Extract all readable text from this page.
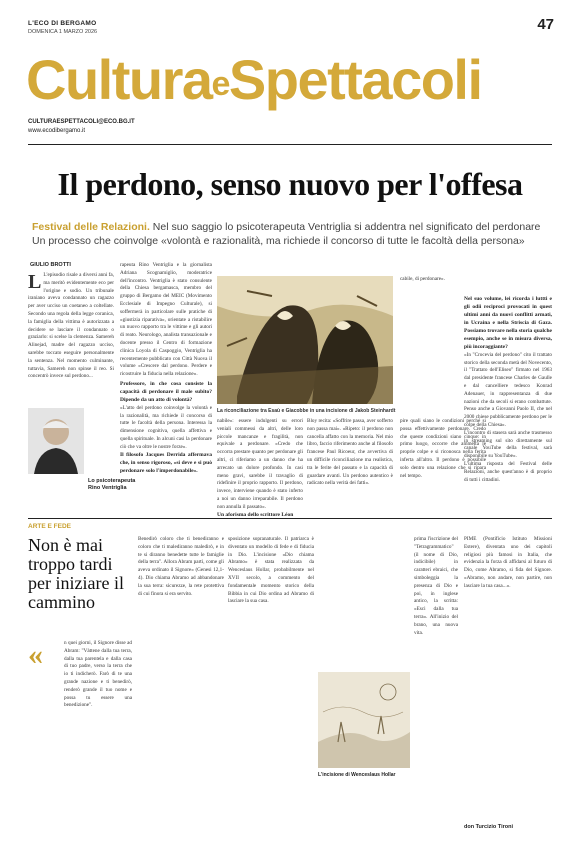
L'ECO DI BERGAMO
DOMENICA 1 MARZO 2026	47
CulturaeSpettacoli
CULTURAESPETTACOLI@ECO.BG.IT
www.ecodibergamo.it
Il perdono, senso nuovo per l'offesa
Festival delle Relazioni. Nel suo saggio lo psicoterapeuta Ventriglia si addentra nel significato del perdonare
Un processo che coinvolge «volontà e razionalità, ma richiede il concorso di tutte le facoltà della persona»
GIULIO BROTTI
L L'episodio risale a diversi anni fa, ma meritò evidentemente eco per l'origine e sodio. Un tribunale iraniano aveva condannato un ragazzo per aver ucciso un coetaneo a coltellate. Secondo una regola della legge coranica, la famiglia della vittima è autorizzata a decidere se lasciare il condannato o graziarlo: si scelse la clemenza. Samereh Alinejad, madre del ragazzo ucciso, sarebbe toccato eseguire personalmente la sentenza. Nel momento culminante, tuttavia, Samereh non spinse il reo. Si concentrò invece sul perdono...
Lo psicoterapeuta Rino Ventriglia

rapeuta Rino Ventriglia e la giornalista Adriana Scognamiglio, moderatrice dell'incontro. Ventriglia è stato consulente della Chiesa bergamasca, membro del gruppo di Bergamo del MEIC (Movimento Ecclesiale di Impegno Culturale), si soffermerà in particolare sulle pratiche di «giustizia riparativa», orientate a ristabilire un nuovo rapporto tra le vittime e gli autori di reato. Neurologo, analista transazionale e docente presso il Centro di formazione clinica Loyola di Caspoggio, Ventriglia ha recentemente pubblicato con Città Nuova il volume «Crescere dal perdono. Perdere e ricostruire la fiducia nella relazione».

Professore, in che cosa consiste la capacità di perdonare il male subito? Dipende da un atto di volontà?

«L'atto del perdono coinvolge la volontà e la razionalità, ma richiede il concorso di tutte le facoltà della persona. Interessa la dimensione cognitiva, quella affettiva e quella spirituale. In alcuni casi la perdonare ciò che va oltre le nostre forze».

Il filosofo Jacques Derrida affermava che, in senso rigoroso, «si deve e si può perdonare solo l'imperdonabile».

La riconciliazione tra Esaù e Giacobbe in una incisione di Jakob Steinhardt

nabile»: essere indulgenti su errori veniali commessi da altri, delle loro piccole mancanze e fragilità, non equivale a perdonare. «Credo che occorra prestare quanto per perdonare gli altri, ci riferiamo a un danno che ha arrecato un dolore profondo. In casi meno gravi, sarebbe il travaglio di ridefinire il proprio rapporto. Il perdono, invece, interviene quando è stato inferto a noi un danno irreparabile. Il perdono non annulla il passato».

Un aforisma dello scrittore Léon

Bloy recita: «Soffrire passa, aver sofferto non passa mai». «Ripeto: il perdono non cancella affatto con la memoria. Nel mio libro, faccio riferimento anche al filosofo francese Paul Ricoeur, che avvertiva di un difficile riconciliazione ma realistica, tra le ferite del passato e la capacità di guardare avanti. Un perdono autentico è radicato nella verità dei fatti».

pire quali siano le condizioni perché si possa effettivamente perdonare. Credo che queste condizioni siano cinque: in primo luogo, occorre che ammetta le proprie colpe e si riconosca nella ferita inferta all'altro. Il perdono è possibile solo dentro una relazione che si ripara nel tempo.

cabile, di perdonare».

Nel suo volume, lei ricorda i luttti e gli odii reciproci provocati in quest ultimi anni da nuovi conflitti armati, in Ucraina e nella Striscia di Gaza. Possiamo trovare nella storia qualche esempio, anche se in misura diversa, più incoraggiante?

«In "Crocevia del perdono" cito il trattato storico della seconda metà del Novecento, il "Trattato dell'Eliseo" firmato nel 1963 dal presidente francese Charles de Gaulle e dal cancelliere tedesco Konrad Adenauer, in rappresentanza di due nazioni che da secoli si erano combattute. Penso anche a Giovanni Paolo II, che nel 2000 chiese pubblicamente perdono per le colpe della Chiesa».

L'incontro di stasera sarà anche trasmesso in streaming sul sito direttamente sul canale YouTube della festival, sarà disponibile su YouTube».

L'ultima risposta del Festival delle Relazioni, anche quest'anno è di proprio di tutti i cittadini.

ARTE E FEDE
Non è mai troppo tardi per iniziare il cammino
«	n quei giorni, il Signore disse ad Abram: "Vàttene dalla tua terra, dalla tua parentela e dalla casa di tuo padre, verso la terra che io ti indicherò. Farò di te una grande nazione e ti benedirò, renderò grande il tuo nome e possa tu essere una benedizione".

Benedirò coloro che ti benediranno e coloro che ti malediranno maledirò, e in te si diranno benedette tutte le famiglie della terra". Allora Abram partì, come gli aveva ordinato il Signore» (Genesi 12,1-4). Dio chiama Abramo ad abbandonare la sua terra: sicurezze, la rete protettiva di cui finora si era servito.

sposizione sopranaturale. Il patriarca è diventato un modello di fede e di fiducia in Dio. L'incisione «Dio chiama Abramo» è stata realizzata da Wenceslaus Hollar, probabilmente nel XVII secolo, a commento del fondamentale momento storico della Bibbia in cui Dio ordina ad Abramo di lasciare la sua casa.

L'incisione di Wenceslaus Hollar

prima l'iscrizione del "Tetragrammatico" (il nome di Dio, indicibile) in caratteri ebraici, che simboleggia la presenza di Dio e poi, in inglese antico, la scritta: «Esci dalla tua terra». All'inizio del brano, una nuova vita.

PIME (Pontificio Istituto Missioni Estere), diventata uno dei capitoli religiosi più famosi in Italia, che evidenzia la forza di affidarsi al futuro di Dio, come Abramo, si fida del Signore. «Abramo, non andare, non partire, non lasciare la tua casa...».

don Turcizio Tironi
